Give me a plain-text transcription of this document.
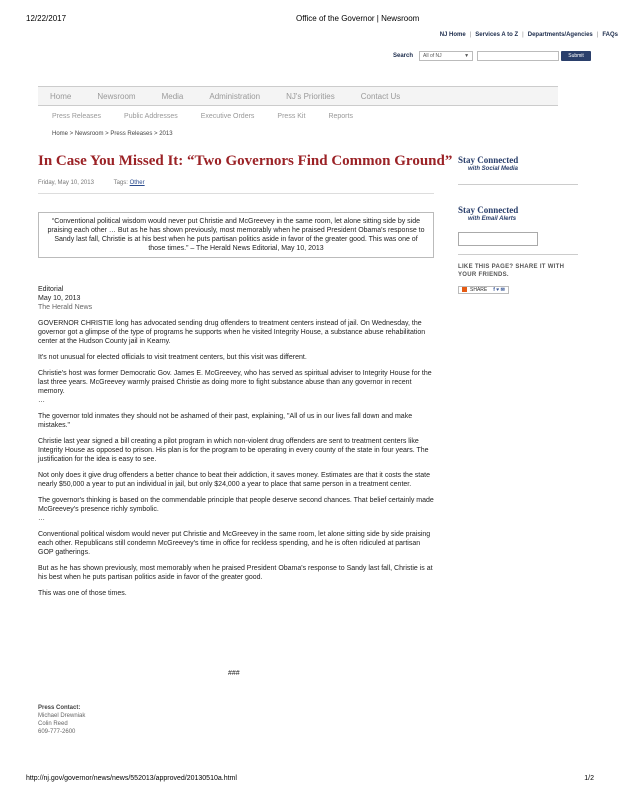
12/22/2017	Office of the Governor | Newsroom
NJ Home | Services A to Z | Departments/Agencies | FAQs
Search	All of NJ	▼	Submit
Home	Newsroom	Media	Administration	NJ's Priorities	Contact Us
Press Releases	Public Addresses	Executive Orders	Press Kit	Reports
Home > Newsroom > Press Releases > 2013
In Case You Missed It: “Two Governors Find Common Ground”
Friday, May 10, 2013	Tags: Other
“Conventional political wisdom would never put Christie and McGreevey in the same room, let alone sitting side by side praising each other … But as he has shown previously, most memorably when he praised President Obama's response to Sandy last fall, Christie is at his best when he puts partisan politics aside in favor of the greater good. This was one of those times.” – The Herald News Editorial, May 10, 2013
Editorial
May 10, 2013
The Herald News

GOVERNOR CHRISTIE long has advocated sending drug offenders to treatment centers instead of jail. On Wednesday, the governor got a glimpse of the type of programs he supports when he visited Integrity House, a substance abuse rehabilitation center at the Hudson County jail in Kearny.

It's not unusual for elected officials to visit treatment centers, but this visit was different.

Christie's host was former Democratic Gov. James E. McGreevey, who has served as spiritual adviser to Integrity House for the last three years. McGreevey warmly praised Christie as doing more to fight substance abuse than any governor in recent memory.

…

The governor told inmates they should not be ashamed of their past, explaining, "All of us in our lives fall down and make mistakes."

Christie last year signed a bill creating a pilot program in which non-violent drug offenders are sent to treatment centers like Integrity House as opposed to prison. His plan is for the program to be operating in every county of the state in four years. The justification for the idea is easy to see.

Not only does it give drug offenders a better chance to beat their addiction, it saves money. Estimates are that it costs the state nearly $50,000 a year to put an individual in jail, but only $24,000 a year to place that same person in a treatment center.

The governor's thinking is based on the commendable principle that people deserve second chances. That belief certainly made McGreevey's presence richly symbolic.

…

Conventional political wisdom would never put Christie and McGreevey in the same room, let alone sitting side by side praising each other. Republicans still condemn McGreevey's time in office for reckless spending, and he is often ridiculed at partisan GOP gatherings.

But as he has shown previously, most memorably when he praised President Obama's response to Sandy last fall, Christie is at his best when he puts partisan politics aside in favor of the greater good.

This was one of those times.

Stay Connected
with Social Media
Stay Connected
with Email Alerts
LIKE THIS PAGE? SHARE IT WITH YOUR FRIENDS.
SHARE f ♥ ✉
###
Press Contact:
Michael Drewniak
Colin Reed
609-777-2600
http://nj.gov/governor/news/news/552013/approved/20130510a.html	1/2
